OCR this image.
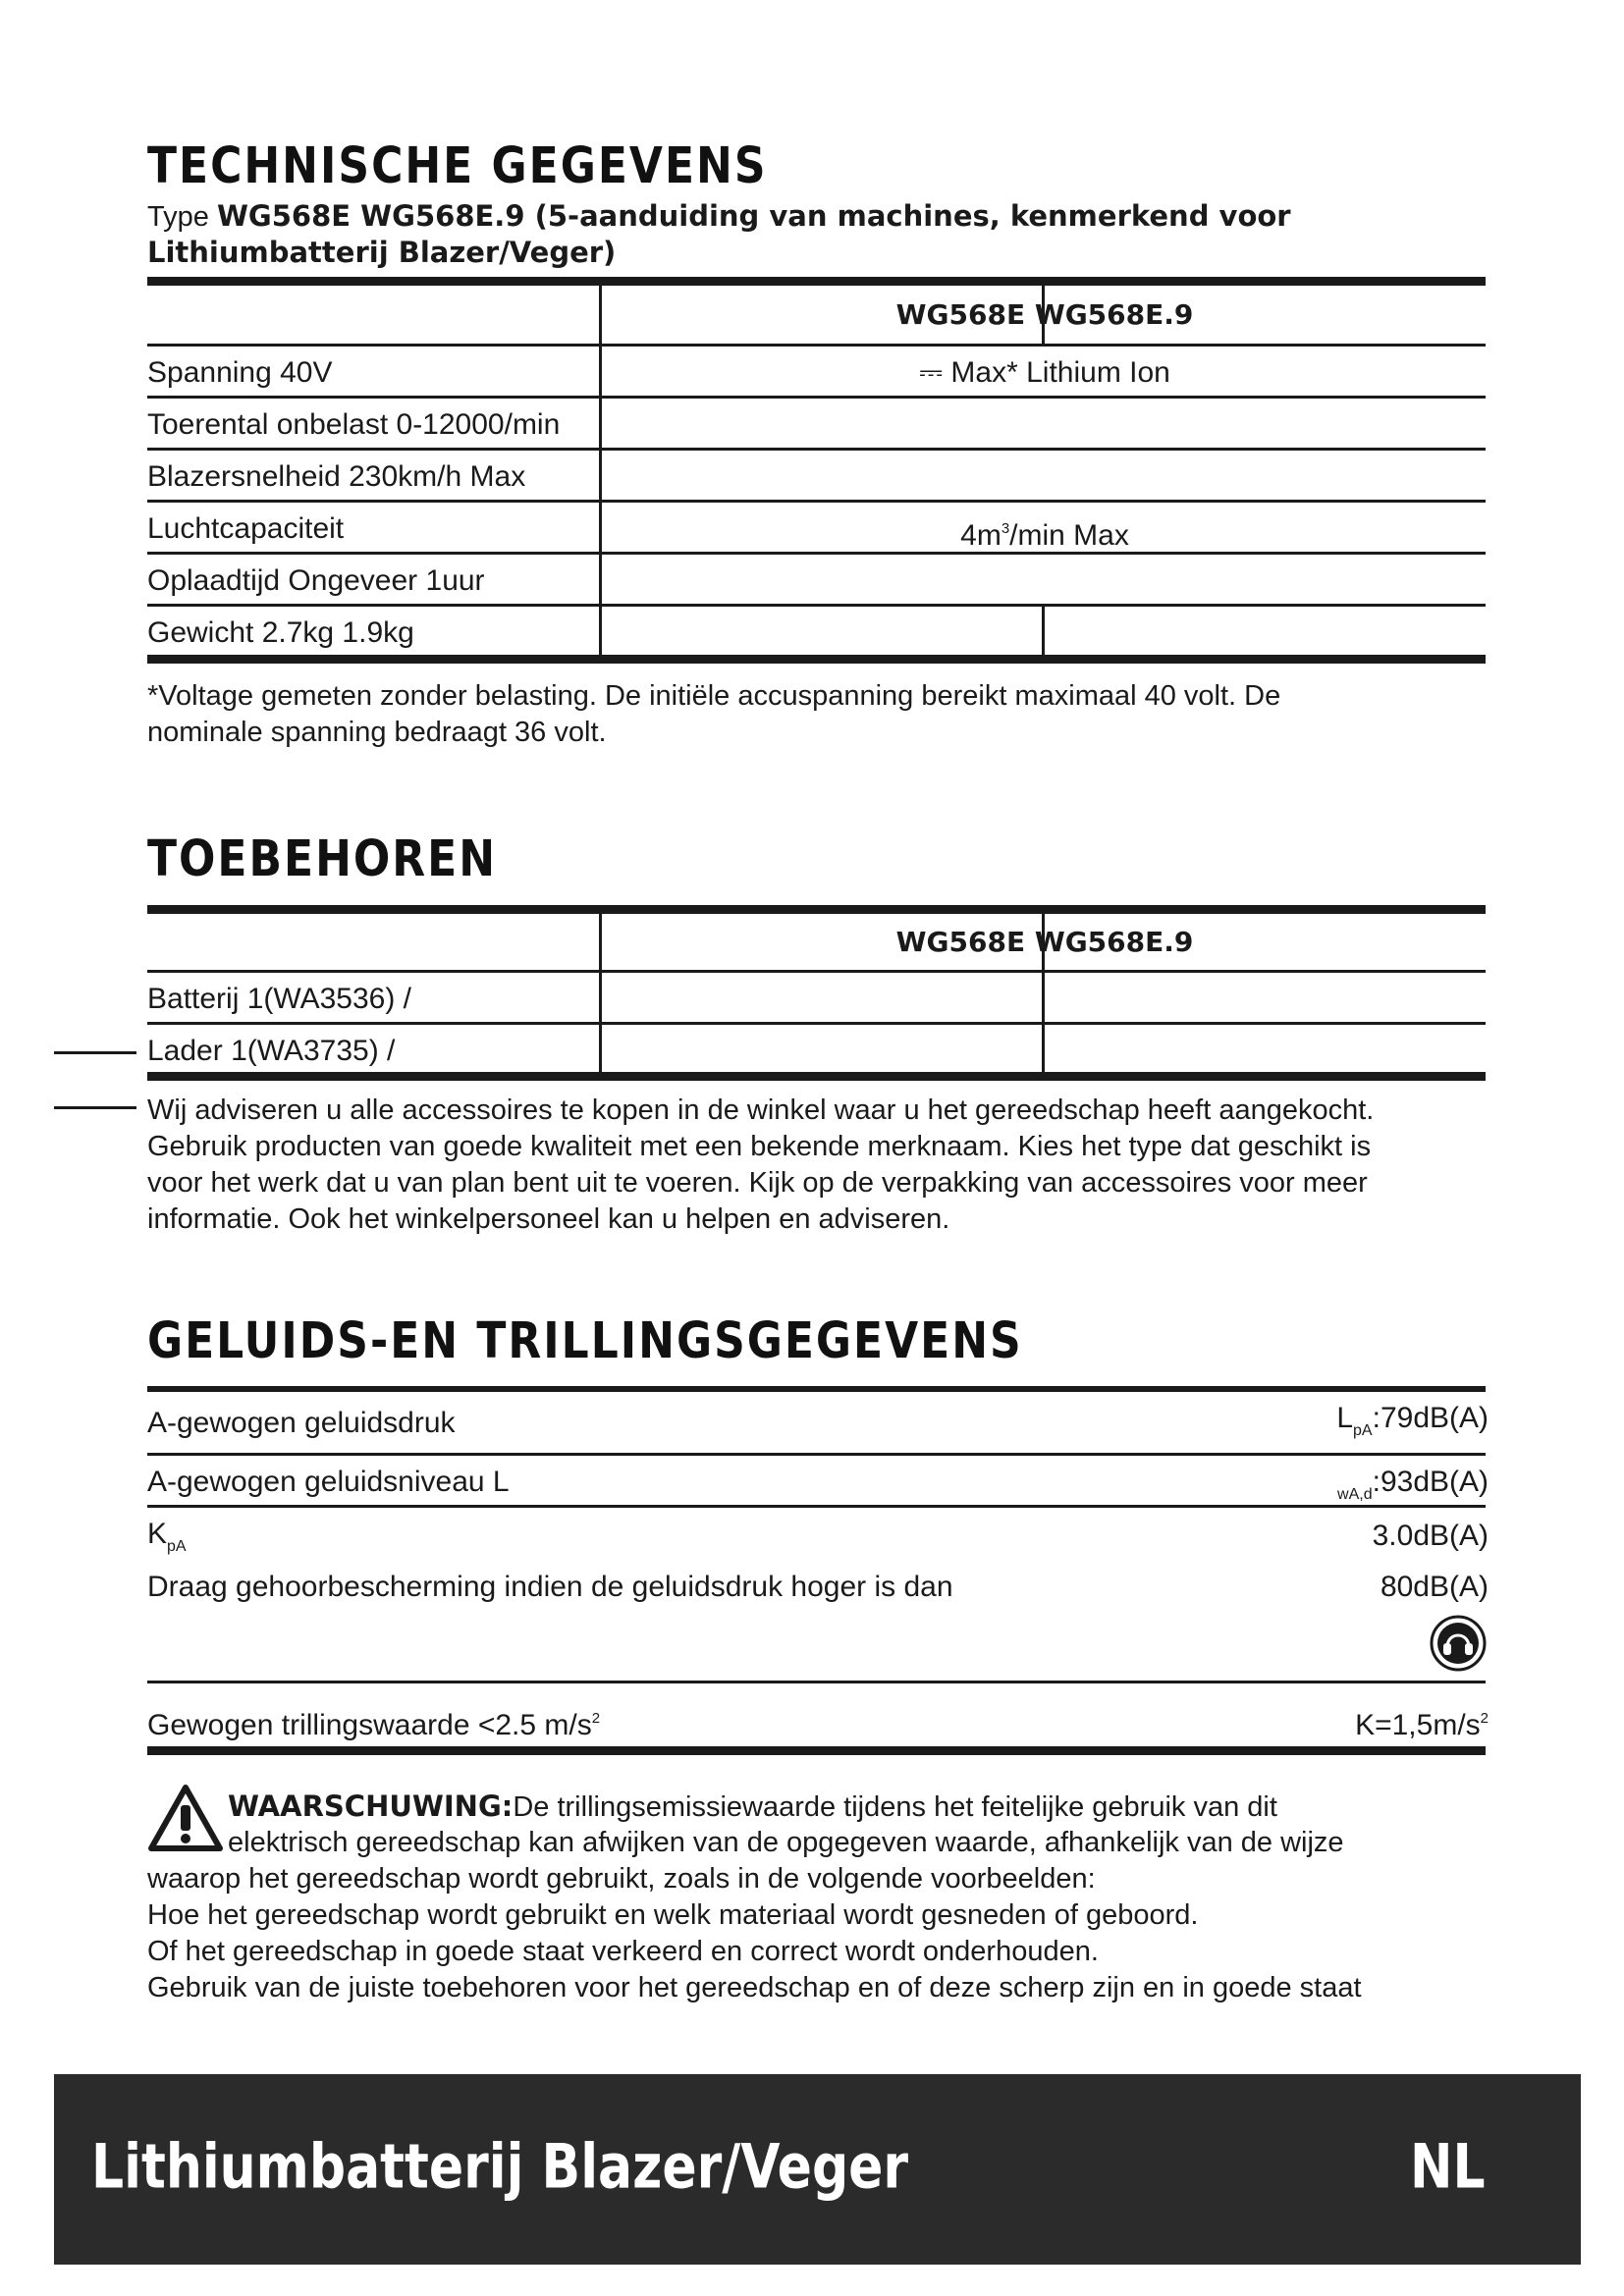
TECHNISCHE GEGEVENS
Type WG568E WG568E.9 (5-aanduiding van machines, kenmerkend voor
Lithiumbatterij Blazer/Veger)
WG568E WG568E.9
Spanning 40V	⎓ Max* Lithium Ion
Toerental onbelast 0-12000/min
Blazersnelheid 230km/h Max
Luchtcapaciteit	$4m^3/\min$ Max
Oplaadtijd Ongeveer 1uur
Gewicht 2.7kg 1.9kg
*Voltage gemeten zonder belasting. De initiële accuspanning bereikt maximaal 40 volt. De
nominale spanning bedraagt 36 volt.
TOEBEHOREN
WG568E WG568E.9
Batterij 1(WA3536) /
Lader 1(WA3735) /
Wij adviseren u alle accessoires te kopen in de winkel waar u het gereedschap heeft aangekocht.
Gebruik producten van goede kwaliteit met een bekende merknaam. Kies het type dat geschikt is
voor het werk dat u van plan bent uit te voeren. Kijk op de verpakking van accessoires voor meer
informatie. Ook het winkelpersoneel kan u helpen en adviseren.
GELUIDS-EN TRILLINGSGEGEVENS
A-gewogen geluidsdruk	$L_{pA}:79dB(A)$
A-gewogen geluidsniveau L	$_{wA,d}$:93dB(A)
$K_{pA}$	3.0dB(A)
Draag gehoorbescherming indien de geluidsdruk hoger is dan	80dB(A)
Gewogen trillingswaarde <2.5 $m/s^2$	$K=1,5m/s^2$
WAARSCHUWING:De trillingsemissiewaarde tijdens het feitelijke gebruik van dit
elektrisch gereedschap kan afwijken van de opgegeven waarde, afhankelijk van de wijze
waarop het gereedschap wordt gebruikt, zoals in de volgende voorbeelden:
Hoe het gereedschap wordt gebruikt en welk materiaal wordt gesneden of geboord.
Of het gereedschap in goede staat verkeerd en correct wordt onderhouden.
Gebruik van de juiste toebehoren voor het gereedschap en of deze scherp zijn en in goede staat
Lithiumbatterij Blazer/Veger	NL
